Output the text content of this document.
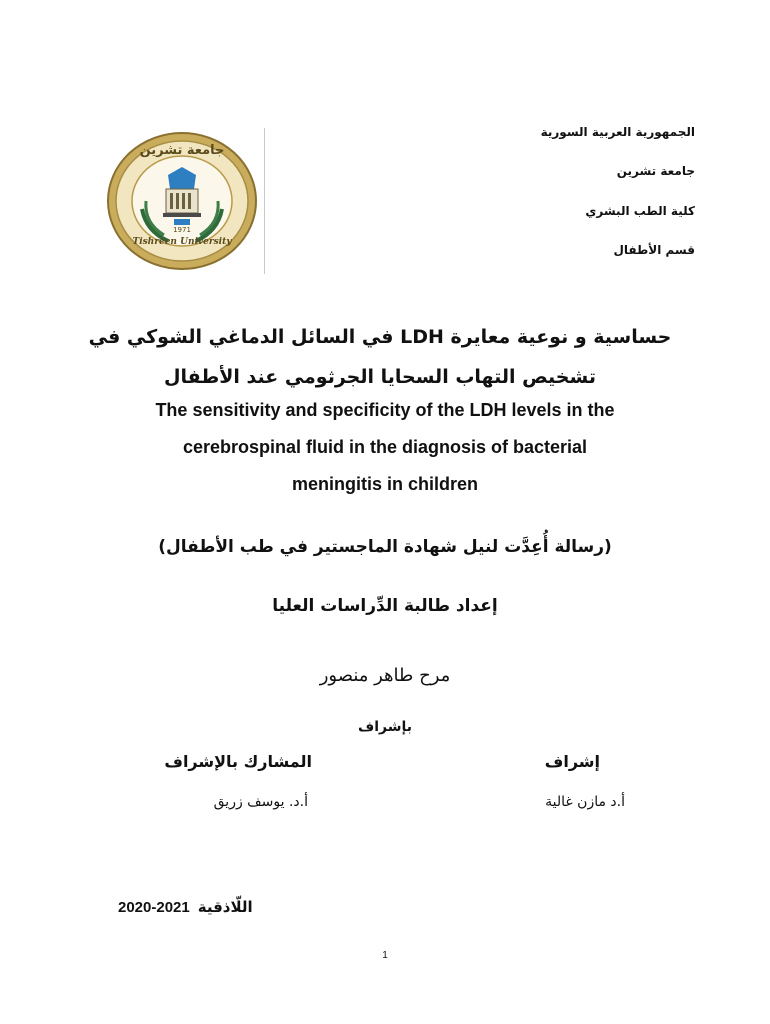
الجمهورية العربية السورية
جامعة تشرين
كلية الطب البشري
قسم الأطفال
جامعة تشرين
Tishreen University
1971
حساسية و نوعية معايرة LDH في السائل الدماغي الشوكي في
تشخيص التهاب السحايا الجرثومي عند الأطفال
The sensitivity and specificity of the LDH levels in the
cerebrospinal fluid in the diagnosis of bacterial
meningitis in children
(رسالة أُعِدَّت لنيل شهادة الماجستير في طب الأطفال)
إعداد طالبة الدِّراسات العليا
مرح طاهر منصور
بإشراف
إشراف
أ.د مازن غالية
المشارك بالإشراف
أ.د. يوسف زريق
2020-2021 اللّاذقية
1
